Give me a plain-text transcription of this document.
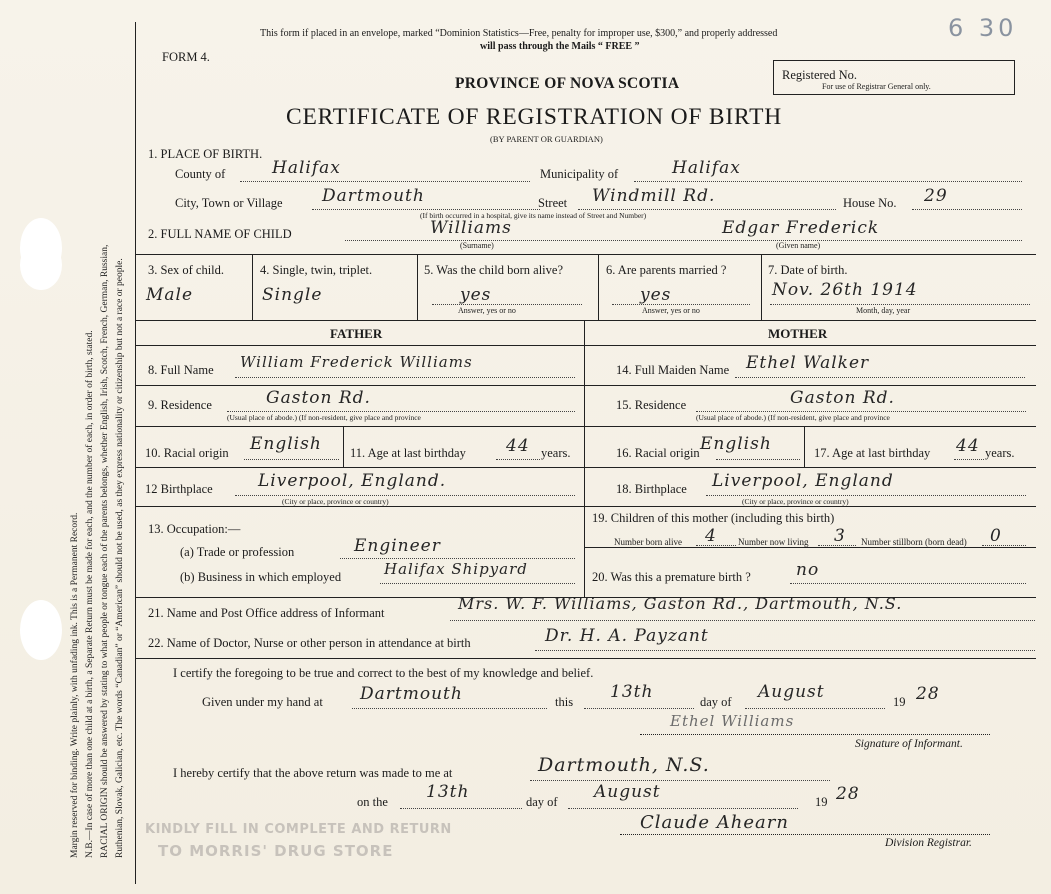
Margin reserved for binding. Write plainly, with unfading ink. This is a Permanent Record. N.B.—In case of more than one child at a birth, a Separate Return must be made for each, and the number of each, in order of birth, stated. RACIAL ORIGIN should be answered by stating to what people or tongue each of the parents belongs, whether English, Irish, Scotch, French, German, Russian, Ruthenian, Slovak, Galician, etc. The words “Canadian” or “American” should not be used, as they express nationality or citizenship but not a race or people.
This form if placed in an envelope, marked “Dominion Statistics—Free, penalty for improper use, $300,” and properly addressed
will pass through the Mails “ FREE ”
6 30
FORM 4.
PROVINCE OF NOVA SCOTIA	Registered No.
For use of Registrar General only.
CERTIFICATE OF REGISTRATION OF BIRTH
(BY PARENT OR GUARDIAN)
1. PLACE OF BIRTH.
County of	Halifax	Municipality of	Halifax
City, Town or Village Dartmouth	Street Windmill Rd.	House No. 29
(If birth occurred in a hospital, give its name instead of Street and Number)
2. FULL NAME OF CHILD	Williams
(Surname)
Edgar Frederick
(Given name)
3. Sex of child.
Male
4. Single, twin, triplet.
Single
5. Was the child born alive?
yes
Answer, yes or no
6. Are parents married ?
yes
Answer, yes or no
7. Date of birth.
Nov. 26th 1914
Month, day, year
FATHER	MOTHER
8. Full Name William Frederick Williams	14. Full Maiden Name Ethel Walker
9. Residence	Gaston Rd.
(Usual place of abode.) (If non-resident, give place and province
15. Residence	Gaston Rd.
(Usual place of abode.) (If non-resident, give place and province
10. Racial origin English 11. Age at last birthday 44 years.	16. Racial origin English	17. Age at last birthday 44 years.
12 Birthplace	Liverpool, England.
(City or place, province or country)
18. Birthplace Liverpool, England
(City or place, province or country)
13. Occupation:—
(a) Trade or profession	Engineer
(b) Business in which employed	Halifax Shipyard
19. Children of this mother (including this birth)
Number born alive 4 Number now living 3 Number stillborn (born dead) 0
20. Was this a premature birth ?	no
21. Name and Post Office address of Informant	Mrs. W. F. Williams, Gaston Rd., Dartmouth, N.S.
22. Name of Doctor, Nurse or other person in attendance at birth	Dr. H. A. Payzant
I certify the foregoing to be true and correct to the best of my knowledge and belief.
Given under my hand at Dartmouth	this 13th	day of August	19 28
Ethel Williams
Signature of Informant.
I hereby certify that the above return was made to me at	Dartmouth, N.S.
on the 13th	day of August	19 28
Claude Ahearn
Division Registrar.
KINDLY FILL IN COMPLETE AND RETURN
TO MORRIS' DRUG STORE
